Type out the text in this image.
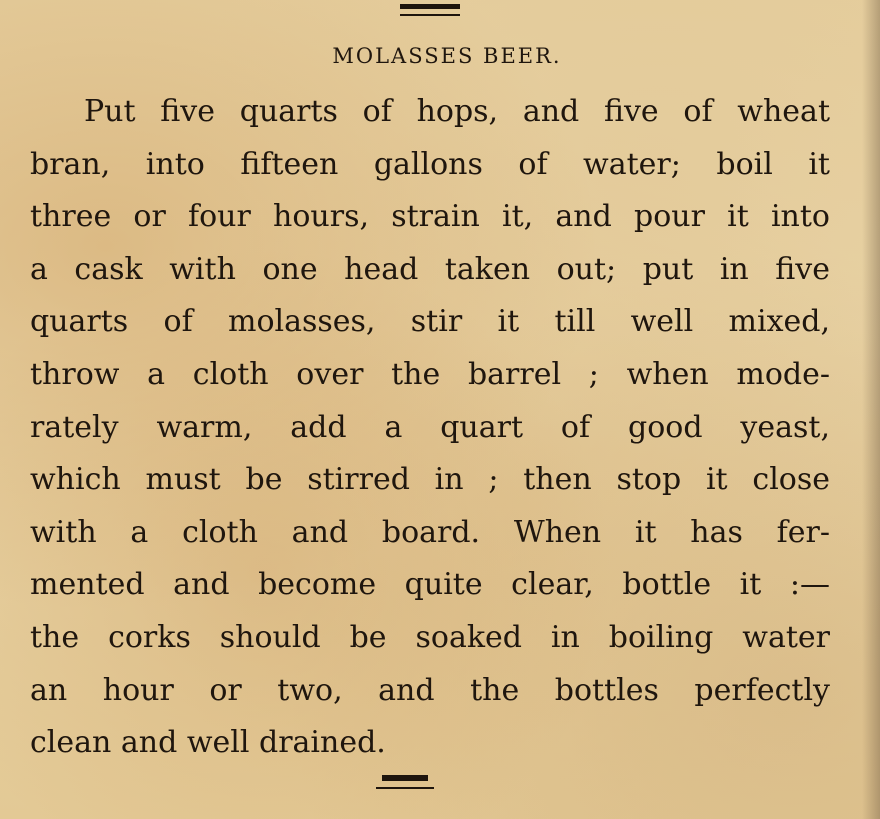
MOLASSES BEER.
Put five quarts of hops, and five of wheat
bran, into fifteen gallons of water; boil it
three or four hours, strain it, and pour it into
a cask with one head taken out; put in five
quarts of molasses, stir it till well mixed,
throw a cloth over the barrel ; when mode-
rately warm, add a quart of good yeast,
which must be stirred in ; then stop it close
with a cloth and board. When it has fer-
mented and become quite clear, bottle it :—
the corks should be soaked in boiling water
an hour or two, and the bottles perfectly
clean and well drained.
